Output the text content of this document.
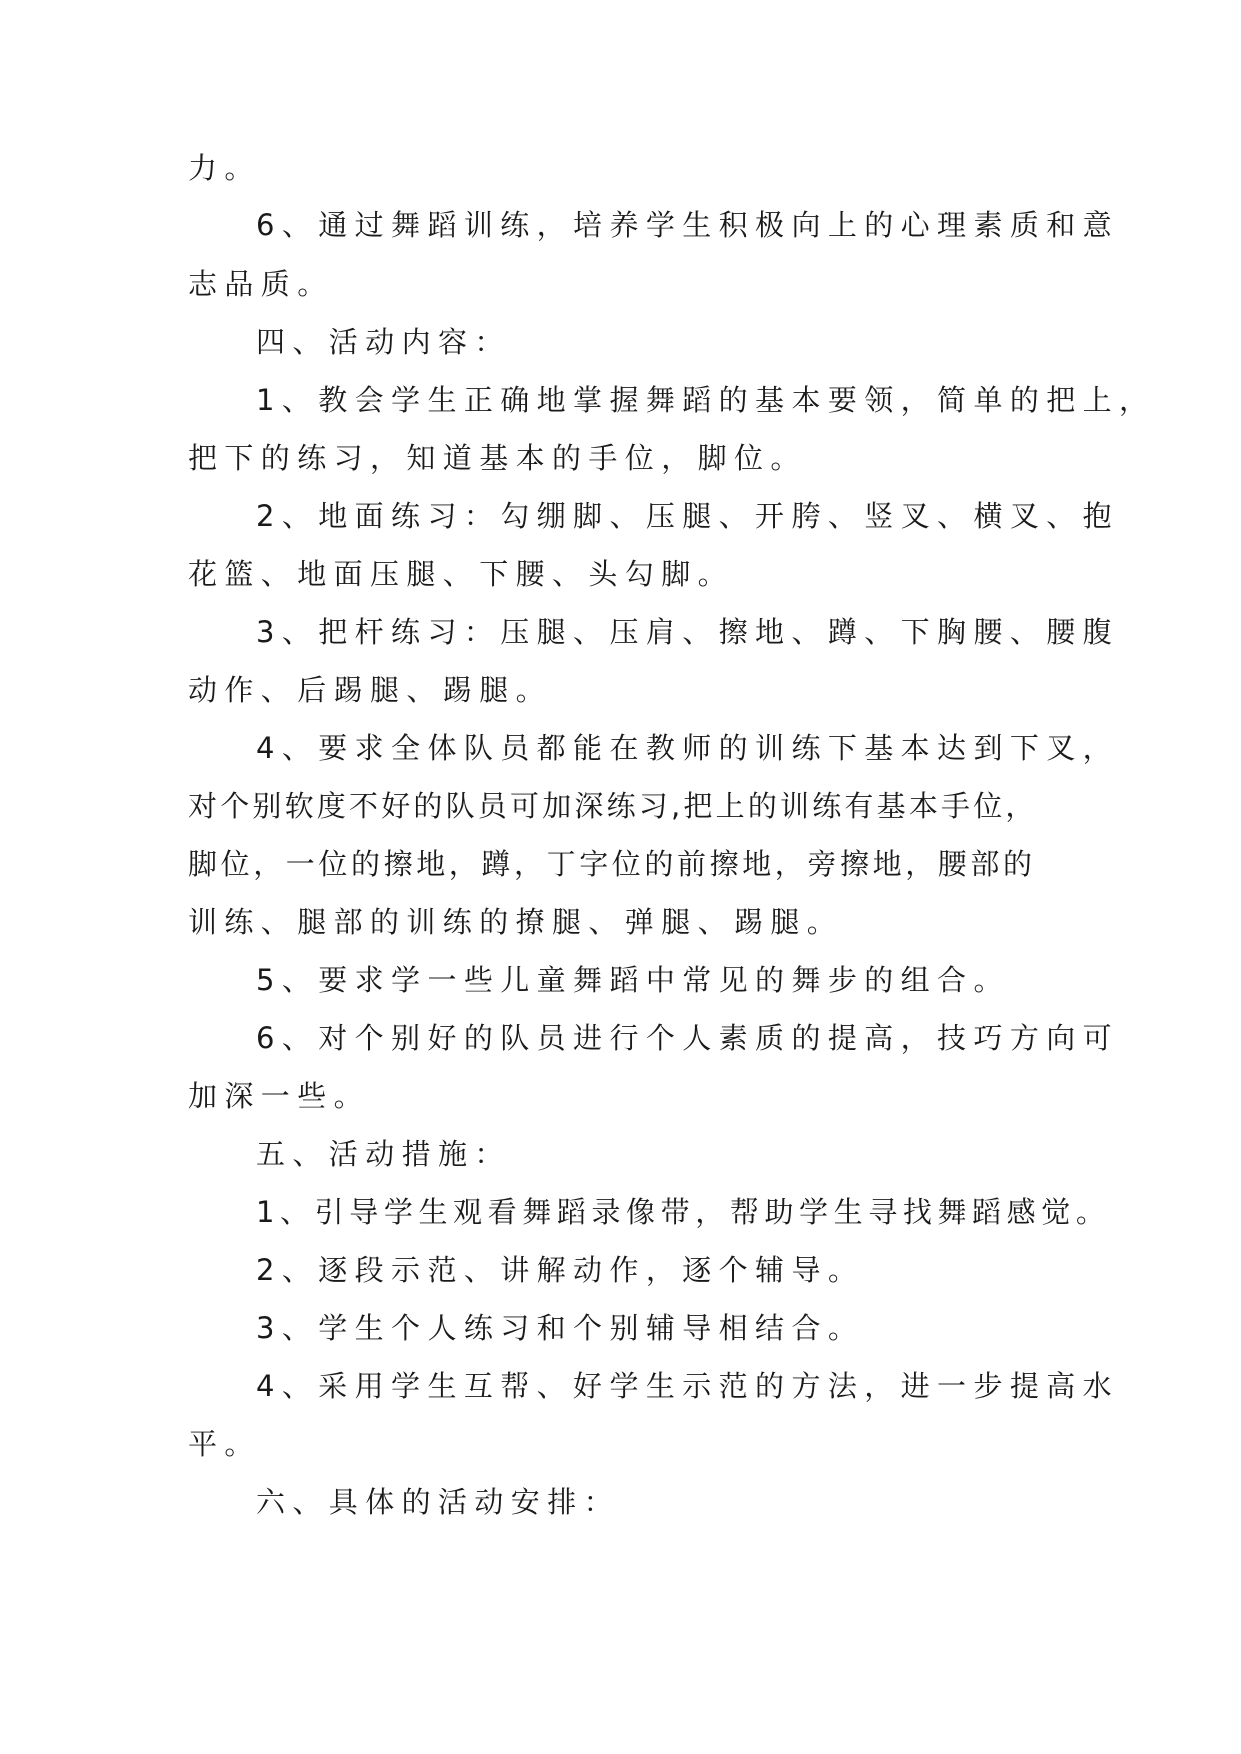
力。
6、通过舞蹈训练，培养学生积极向上的心理素质和意
志品质。
四、活动内容：
1、教会学生正确地掌握舞蹈的基本要领，简单的把上，
把下的练习，知道基本的手位，脚位。
2、地面练习：勾绷脚、压腿、开胯、竖叉、横叉、抱
花篮、地面压腿、下腰、头勾脚。
3、把杆练习：压腿、压肩、擦地、蹲、下胸腰、腰腹
动作、后踢腿、踢腿。
4、要求全体队员都能在教师的训练下基本达到下叉，
对个别软度不好的队员可加深练习,把上的训练有基本手位，
脚位，一位的擦地，蹲，丁字位的前擦地，旁擦地，腰部的
训练、腿部的训练的撩腿、弹腿、踢腿。
5、要求学一些儿童舞蹈中常见的舞步的组合。
6、对个别好的队员进行个人素质的提高，技巧方向可
加深一些。
五、活动措施：
1、引导学生观看舞蹈录像带，帮助学生寻找舞蹈感觉。
2、逐段示范、讲解动作，逐个辅导。
3、学生个人练习和个别辅导相结合。
4、采用学生互帮、好学生示范的方法，进一步提高水
平。
六、具体的活动安排：
